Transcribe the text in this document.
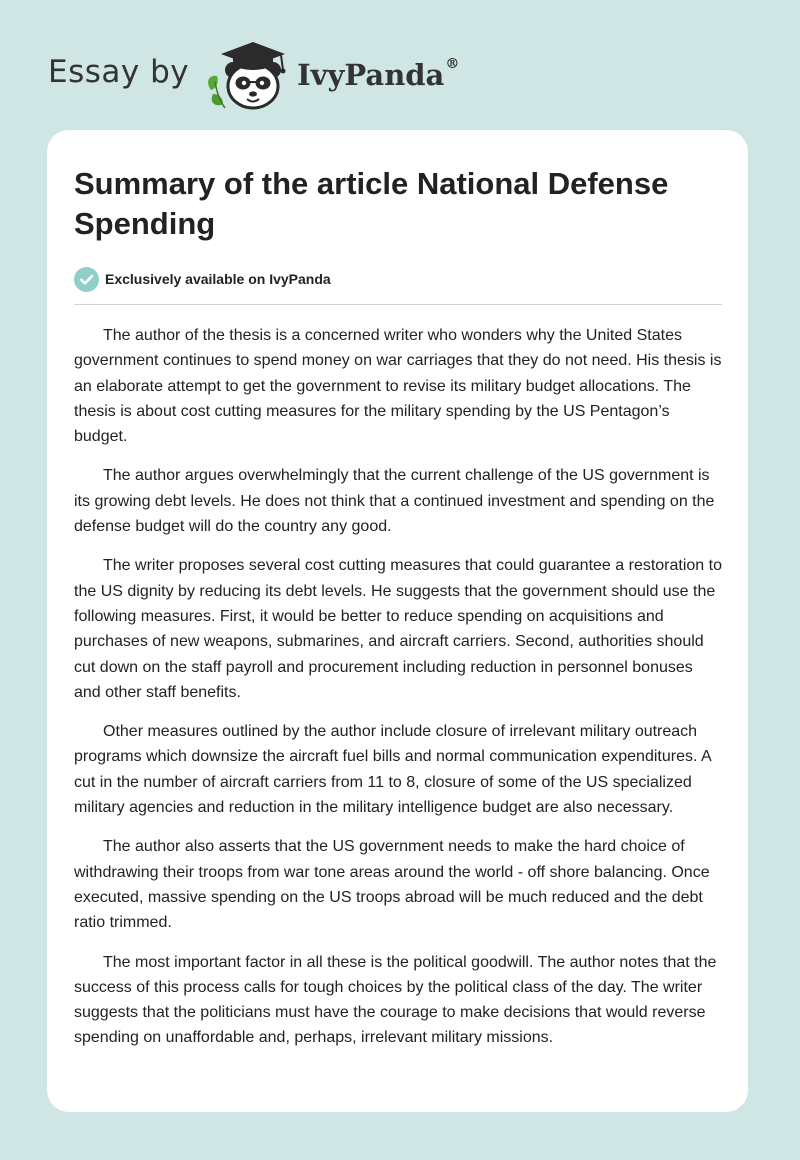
Essay by	IvyPanda®
Summary of the article National Defense Spending
Exclusively available on IvyPanda

The author of the thesis is a concerned writer who wonders why the United States government continues to spend money on war carriages that they do not need. His thesis is an elaborate attempt to get the government to revise its military budget allocations. The thesis is about cost cutting measures for the military spending by the US Pentagon’s budget.

The author argues overwhelmingly that the current challenge of the US government is its growing debt levels. He does not think that a continued investment and spending on the defense budget will do the country any good.

The writer proposes several cost cutting measures that could guarantee a restoration to the US dignity by reducing its debt levels. He suggests that the government should use the following measures. First, it would be better to reduce spending on acquisitions and purchases of new weapons, submarines, and aircraft carriers. Second, authorities should cut down on the staff payroll and procurement including reduction in personnel bonuses and other staff benefits.

Other measures outlined by the author include closure of irrelevant military outreach programs which downsize the aircraft fuel bills and normal communication expenditures. A cut in the number of aircraft carriers from 11 to 8, closure of some of the US specialized military agencies and reduction in the military intelligence budget are also necessary.

The author also asserts that the US government needs to make the hard choice of withdrawing their troops from war tone areas around the world - off shore balancing. Once executed, massive spending on the US troops abroad will be much reduced and the debt ratio trimmed.

The most important factor in all these is the political goodwill. The author notes that the success of this process calls for tough choices by the political class of the day. The writer suggests that the politicians must have the courage to make decisions that would reverse spending on unaffordable and, perhaps, irrelevant military missions.
